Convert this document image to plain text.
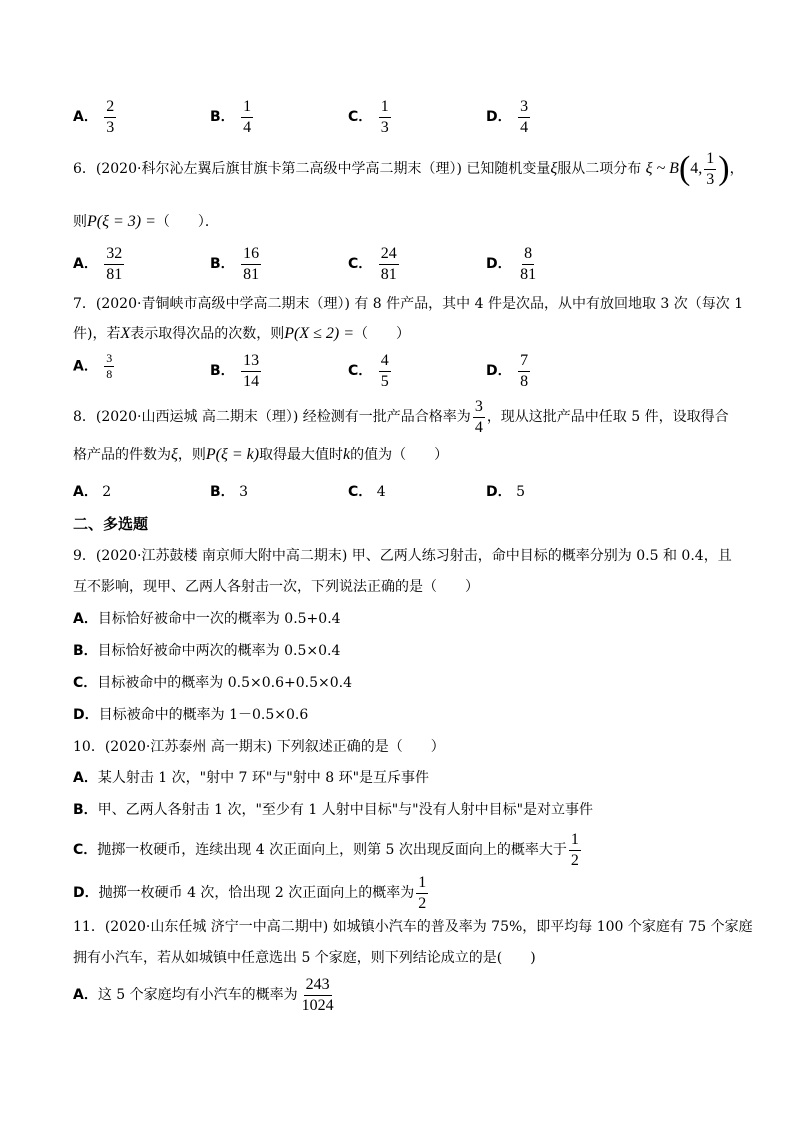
A． $\frac{2}{3}$	B． $\frac{1}{4}$	C． $\frac{1}{3}$	D． $\frac{3}{4}$
6．(2020·科尔沁左翼后旗甘旗卡第二高级中学高二期末（理）) 已知随机变量ξ服从二项分布 ξ ~ B(4, $\frac{1}{3}$ )，
则P(ξ = 3) =（　　）．
A． $\frac{32}{81}$	B． $\frac{16}{81}$	C． $\frac{24}{81}$	D． $\frac{8}{81}$
7．(2020·青铜峡市高级中学高二期末（理）) 有 8 件产品，其中 4 件是次品，从中有放回地取 3 次（每次 1
件)，若X表示取得次品的次数，则P(X ≤ 2) =（　　）
A． $\frac{3}{8}$	B． $\frac{13}{14}$	C． $\frac{4}{5}$	D． $\frac{7}{8}$
8．(2020·山西运城 高二期末（理）) 经检测有一批产品合格率为 $\frac{3}{4}$ ，现从这批产品中任取 5 件，设取得合
格产品的件数为ξ，则P(ξ = k)取得最大值时k的值为（　　）
A． 2	B． 3	C． 4	D． 5
二、多选题
9．(2020·江苏鼓楼 南京师大附中高二期末) 甲、乙两人练习射击，命中目标的概率分别为 0.5 和 0.4，且
互不影响，现甲、乙两人各射击一次，下列说法正确的是（　　）
A．目标恰好被命中一次的概率为 0.5+0.4
B．目标恰好被命中两次的概率为 0.5×0.4
C．目标被命中的概率为 0.5×0.6+0.5×0.4
D．目标被命中的概率为 1－0.5×0.6
10．(2020·江苏泰州 高一期末) 下列叙述正确的是（　　）
A．某人射击 1 次，"射中 7 环"与"射中 8 环"是互斥事件
B．甲、乙两人各射击 1 次，"至少有 1 人射中目标"与"没有人射中目标"是对立事件
C．抛掷一枚硬币，连续出现 4 次正面向上，则第 5 次出现反面向上的概率大于 $\frac{1}{2}$
D．抛掷一枚硬币 4 次，恰出现 2 次正面向上的概率为 $\frac{1}{2}$
11．(2020·山东任城 济宁一中高二期中) 如城镇小汽车的普及率为 75%，即平均每 100 个家庭有 75 个家庭
拥有小汽车，若从如城镇中任意选出 5 个家庭，则下列结论成立的是(　　)
A．这 5 个家庭均有小汽车的概率为 $\frac{243}{1024}$
